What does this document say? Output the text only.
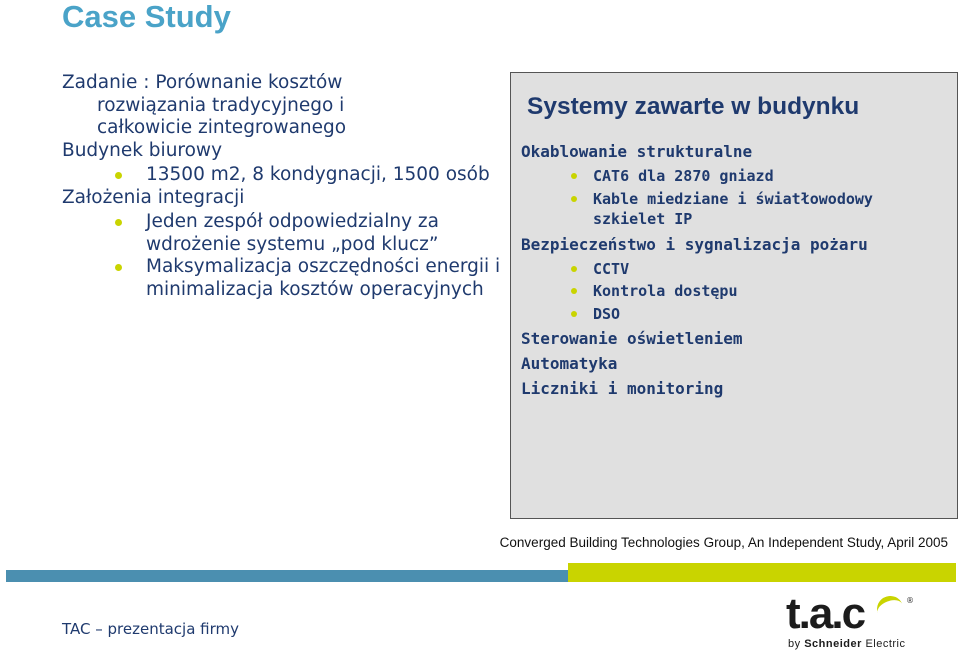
Case Study

Zadanie : Porównanie kosztów

rozwiązania tradycyjnego i

całkowicie zintegrowanego

Budynek biurowy

13500 m2, 8 kondygnacji, 1500 osób

Założenia integracji

Jeden zespół odpowiedzialny za wdrożenie systemu „pod klucz”
Maksymalizacja oszczędności energii i minimalizacja kosztów operacyjnych
Systemy zawarte w budynku

Okablowanie strukturalne

CAT6 dla 2870 gniazd
Kable miedziane i światłowodowy szkielet IP

Bezpieczeństwo i sygnalizacja pożaru

CCTV
Kontrola dostępu
DSO

Sterowanie oświetleniem

Automatyka

Liczniki i monitoring

Converged Building Technologies Group, An Independent Study, April 2005

TAC – prezentacja firmy	t.a.c	®
by Schneider Electric
